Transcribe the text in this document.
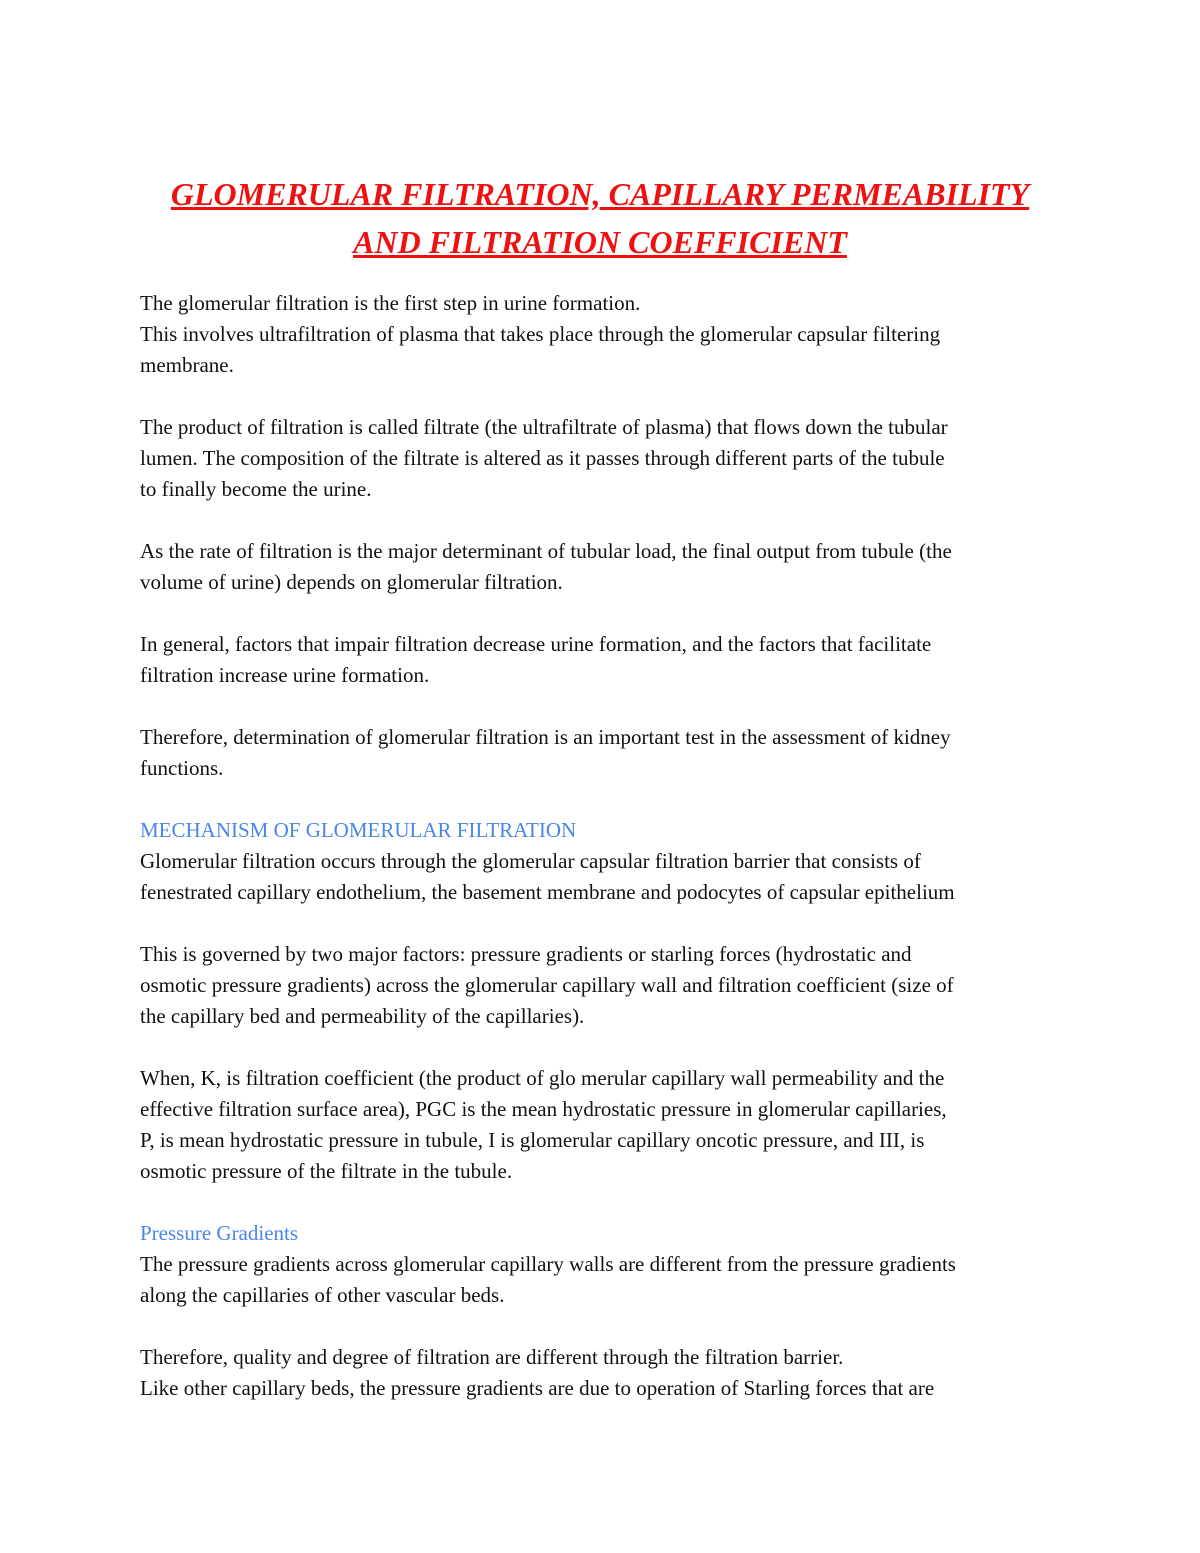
GLOMERULAR FILTRATION, CAPILLARY PERMEABILITY
AND FILTRATION COEFFICIENT

The glomerular filtration is the first step in urine formation.

This involves ultrafiltration of plasma that takes place through the glomerular capsular filtering

membrane.

The product of filtration is called filtrate (the ultrafiltrate of plasma) that flows down the tubular

lumen. The composition of the filtrate is altered as it passes through different parts of the tubule

to finally become the urine.

As the rate of filtration is the major determinant of tubular load, the final output from tubule (the

volume of urine) depends on glomerular filtration.

In general, factors that impair filtration decrease urine formation, and the factors that facilitate

filtration increase urine formation.

Therefore, determination of glomerular filtration is an important test in the assessment of kidney

functions.

MECHANISM OF GLOMERULAR FILTRATION

Glomerular filtration occurs through the glomerular capsular filtration barrier that consists of

fenestrated capillary endothelium, the basement membrane and podocytes of capsular epithelium

This is governed by two major factors: pressure gradients or starling forces (hydrostatic and

osmotic pressure gradients) across the glomerular capillary wall and filtration coefficient (size of

the capillary bed and permeability of the capillaries).

When, K, is filtration coefficient (the product of glo merular capillary wall permeability and the

effective filtration surface area), PGC is the mean hydrostatic pressure in glomerular capillaries,

P, is mean hydrostatic pressure in tubule, I is glomerular capillary oncotic pressure, and III, is

osmotic pressure of the filtrate in the tubule.

Pressure Gradients

The pressure gradients across glomerular capillary walls are different from the pressure gradients

along the capillaries of other vascular beds.

Therefore, quality and degree of filtration are different through the filtration barrier.

Like other capillary beds, the pressure gradients are due to operation of Starling forces that are
